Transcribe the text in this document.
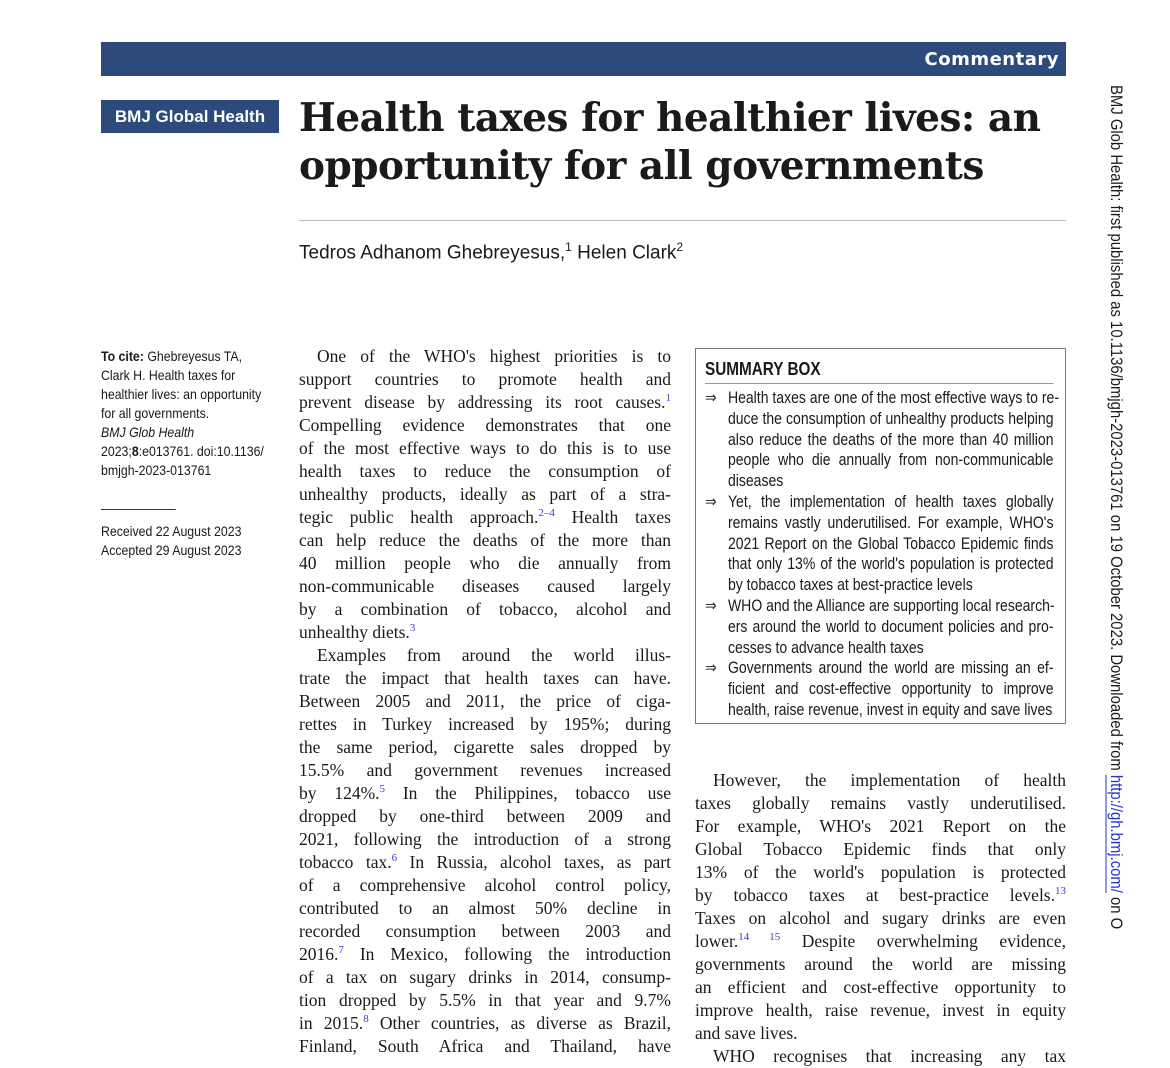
Commentary
BMJ Global Health Health taxes for healthier lives: an
opportunity for all governments
Tedros Adhanom Ghebreyesus,$^1$ Helen Clark$^2$
To cite: Ghebreyesus TA,
Clark H. Health taxes for
healthier lives: an opportunity
for all governments.
BMJ Glob Health
2023;8:e013761. doi:10.1136/
bmjgh-2023-013761
Received 22 August 2023
Accepted 29 August 2023
One of the WHO's highest priorities is to
support countries to promote health and
prevent disease by addressing its root causes.$^1$
Compelling evidence demonstrates that one
of the most effective ways to do this is to use
health taxes to reduce the consumption of
unhealthy products, ideally as part of a stra-
tegic public health approach.$^{2-4}$ Health taxes
can help reduce the deaths of the more than
40 million people who die annually from
non-communicable diseases caused largely
by a combination of tobacco, alcohol and
unhealthy diets.$^3$
Examples from around the world illus-
trate the impact that health taxes can have.
Between 2005 and 2011, the price of ciga-
rettes in Turkey increased by 195%; during
the same period, cigarette sales dropped by
15.5% and government revenues increased
by 124%.$^5$ In the Philippines, tobacco use
dropped by one-third between 2009 and
2021, following the introduction of a strong
tobacco tax.$^6$ In Russia, alcohol taxes, as part
of a comprehensive alcohol control policy,
contributed to an almost 50% decline in
recorded consumption between 2003 and
2016.$^7$ In Mexico, following the introduction
of a tax on sugary drinks in 2014, consump-
tion dropped by 5.5% in that year and 9.7%
in 2015.$^8$ Other countries, as diverse as Brazil,
Finland, South Africa and Thailand, have
SUMMARY BOX
⇒ Health taxes are one of the most effective ways to re-
duce the consumption of unhealthy products helping
also reduce the deaths of the more than 40 million
people who die annually from non-communicable
diseases
⇒ Yet, the implementation of health taxes globally
remains vastly underutilised. For example, WHO's
2021 Report on the Global Tobacco Epidemic finds
that only 13% of the world's population is protected
by tobacco taxes at best-practice levels
⇒ WHO and the Alliance are supporting local research-
ers around the world to document policies and pro-
cesses to advance health taxes
⇒ Governments around the world are missing an ef-
ficient and cost-effective opportunity to improve
health, raise revenue, invest in equity and save lives
However, the implementation of health
taxes globally remains vastly underutilised.
For example, WHO's 2021 Report on the
Global Tobacco Epidemic finds that only
13% of the world's population is protected
by tobacco taxes at best-practice levels.$^{13}$
Taxes on alcohol and sugary drinks are even
lower.$^{14 15}$ Despite overwhelming evidence,
governments around the world are missing
an efficient and cost-effective opportunity to
improve health, raise revenue, invest in equity
and save lives.
WHO recognises that increasing any tax
BMJ Glob Health: first published as 10.1136/bmjgh-2023-013761 on 19 October 2023. Downloaded from http://gh.bmj.com/ on O
